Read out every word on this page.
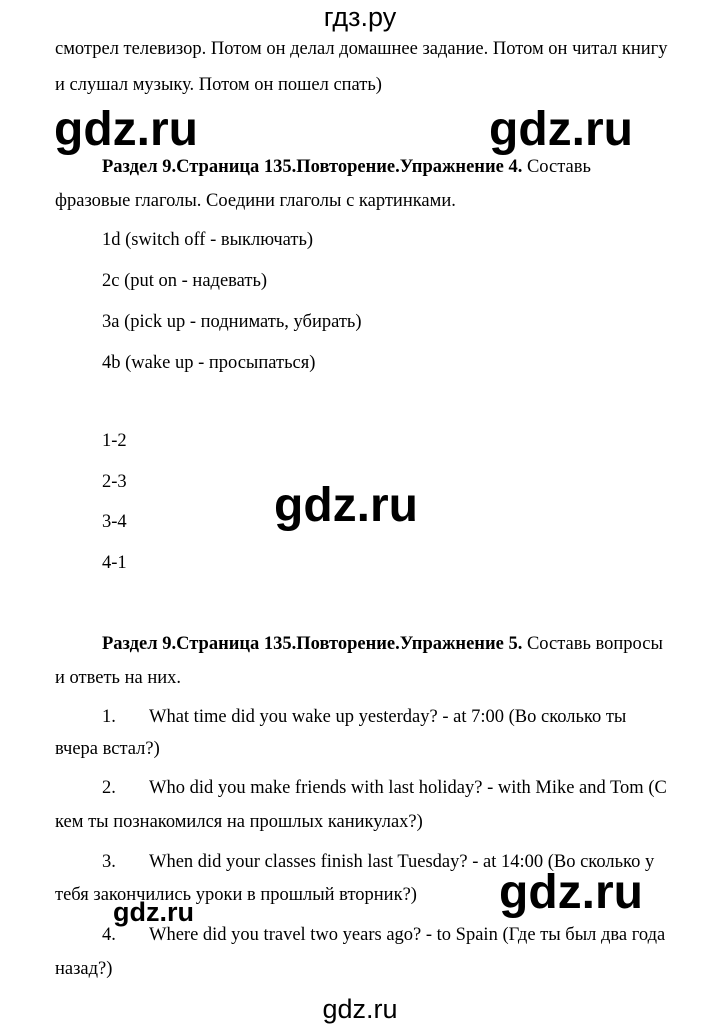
гдз.ру
смотрел телевизор. Потом он делал домашнее задание. Потом он читал книгу
и слушал музыку. Потом он пошел спать)
gdz.ru	gdz.ru
Раздел 9.Страница 135.Повторение.Упражнение 4. Составь
фразовые глаголы. Соедини глаголы с картинками.
1d (switch off - выключать)
2c (put on - надевать)
3a (pick up - поднимать, убирать)
4b (wake up - просыпаться)
1-2
2-3
3-4
4-1
gdz.ru
Раздел 9.Страница 135.Повторение.Упражнение 5. Составь вопросы
и ответь на них.
1. What time did you wake up yesterday? - at 7:00 (Во сколько ты
вчера встал?)
2. Who did you make friends with last holiday? - with Mike and Tom (С
кем ты познакомился на прошлых каникулах?)
3. When did your classes finish last Tuesday? - at 14:00 (Во сколько у
тебя закончились уроки в прошлый вторник?) gdz.ru
gdz.ru
4. Where did you travel two years ago? - to Spain (Где ты был два года
назад?)
gdz.ru
